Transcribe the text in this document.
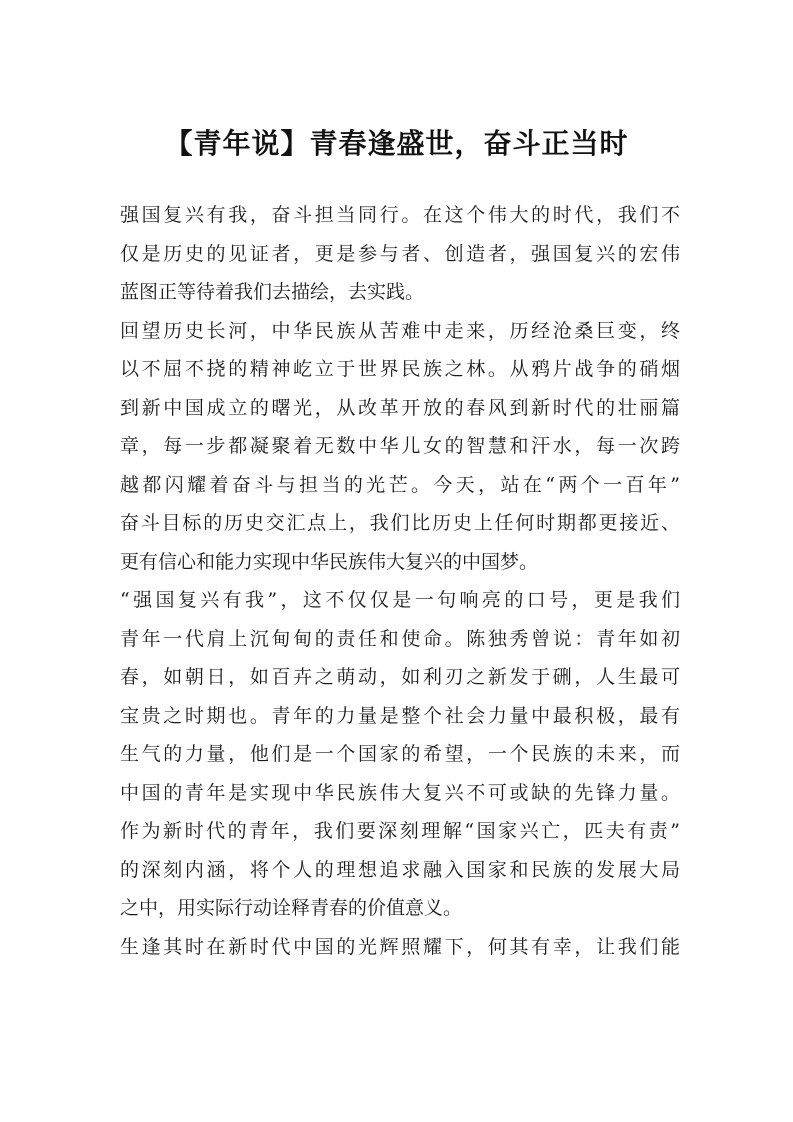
【青年说】青春逢盛世，奋斗正当时
强国复兴有我，奋斗担当同行。在这个伟大的时代，我们不
仅是历史的见证者，更是参与者、创造者，强国复兴的宏伟
蓝图正等待着我们去描绘，去实践。
回望历史长河，中华民族从苦难中走来，历经沧桑巨变，终
以不屈不挠的精神屹立于世界民族之林。从鸦片战争的硝烟
到新中国成立的曙光，从改革开放的春风到新时代的壮丽篇
章，每一步都凝聚着无数中华儿女的智慧和汗水，每一次跨
越都闪耀着奋斗与担当的光芒。今天，站在“两个一百年”
奋斗目标的历史交汇点上，我们比历史上任何时期都更接近、
更有信心和能力实现中华民族伟大复兴的中国梦。
“强国复兴有我”，这不仅仅是一句响亮的口号，更是我们
青年一代肩上沉甸甸的责任和使命。陈独秀曾说：青年如初
春，如朝日，如百卉之萌动，如利刃之新发于硎，人生最可
宝贵之时期也。青年的力量是整个社会力量中最积极，最有
生气的力量，他们是一个国家的希望，一个民族的未来，而
中国的青年是实现中华民族伟大复兴不可或缺的先锋力量。
作为新时代的青年，我们要深刻理解“国家兴亡，匹夫有责”
的深刻内涵，将个人的理想追求融入国家和民族的发展大局
之中，用实际行动诠释青春的价值意义。
生逢其时在新时代中国的光辉照耀下，何其有幸，让我们能
